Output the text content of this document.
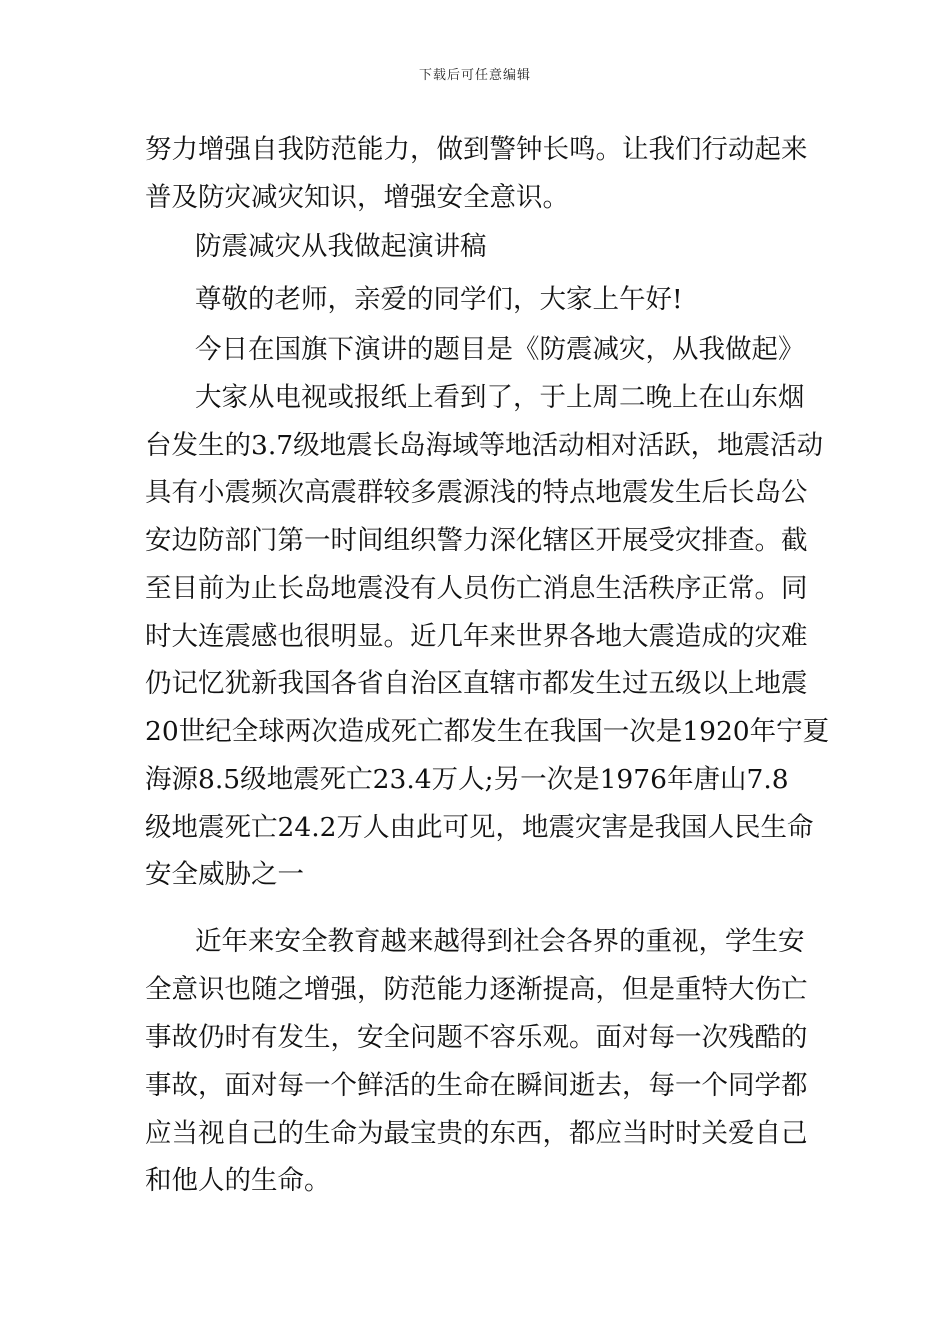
下载后可任意编辑
努力增强自我防范能力，做到警钟长鸣。让我们行动起来
普及防灾减灾知识，增强安全意识。
防震减灾从我做起演讲稿
尊敬的老师，亲爱的同学们，大家上午好!
今日在国旗下演讲的题目是《防震减灾，从我做起》
大家从电视或报纸上看到了，于上周二晚上在山东烟
台发生的3.7级地震长岛海域等地活动相对活跃，地震活动
具有小震频次高震群较多震源浅的特点地震发生后长岛公
安边防部门第一时间组织警力深化辖区开展受灾排查。截
至目前为止长岛地震没有人员伤亡消息生活秩序正常。同
时大连震感也很明显。近几年来世界各地大震造成的灾难
仍记忆犹新我国各省自治区直辖市都发生过五级以上地震
20世纪全球两次造成死亡都发生在我国一次是1920年宁夏
海源8.5级地震死亡23.4万人;另一次是1976年唐山7.8
级地震死亡24.2万人由此可见，地震灾害是我国人民生命
安全威胁之一
近年来安全教育越来越得到社会各界的重视，学生安
全意识也随之增强，防范能力逐渐提高，但是重特大伤亡
事故仍时有发生，安全问题不容乐观。面对每一次残酷的
事故，面对每一个鲜活的生命在瞬间逝去，每一个同学都
应当视自己的生命为最宝贵的东西，都应当时时关爱自己
和他人的生命。
